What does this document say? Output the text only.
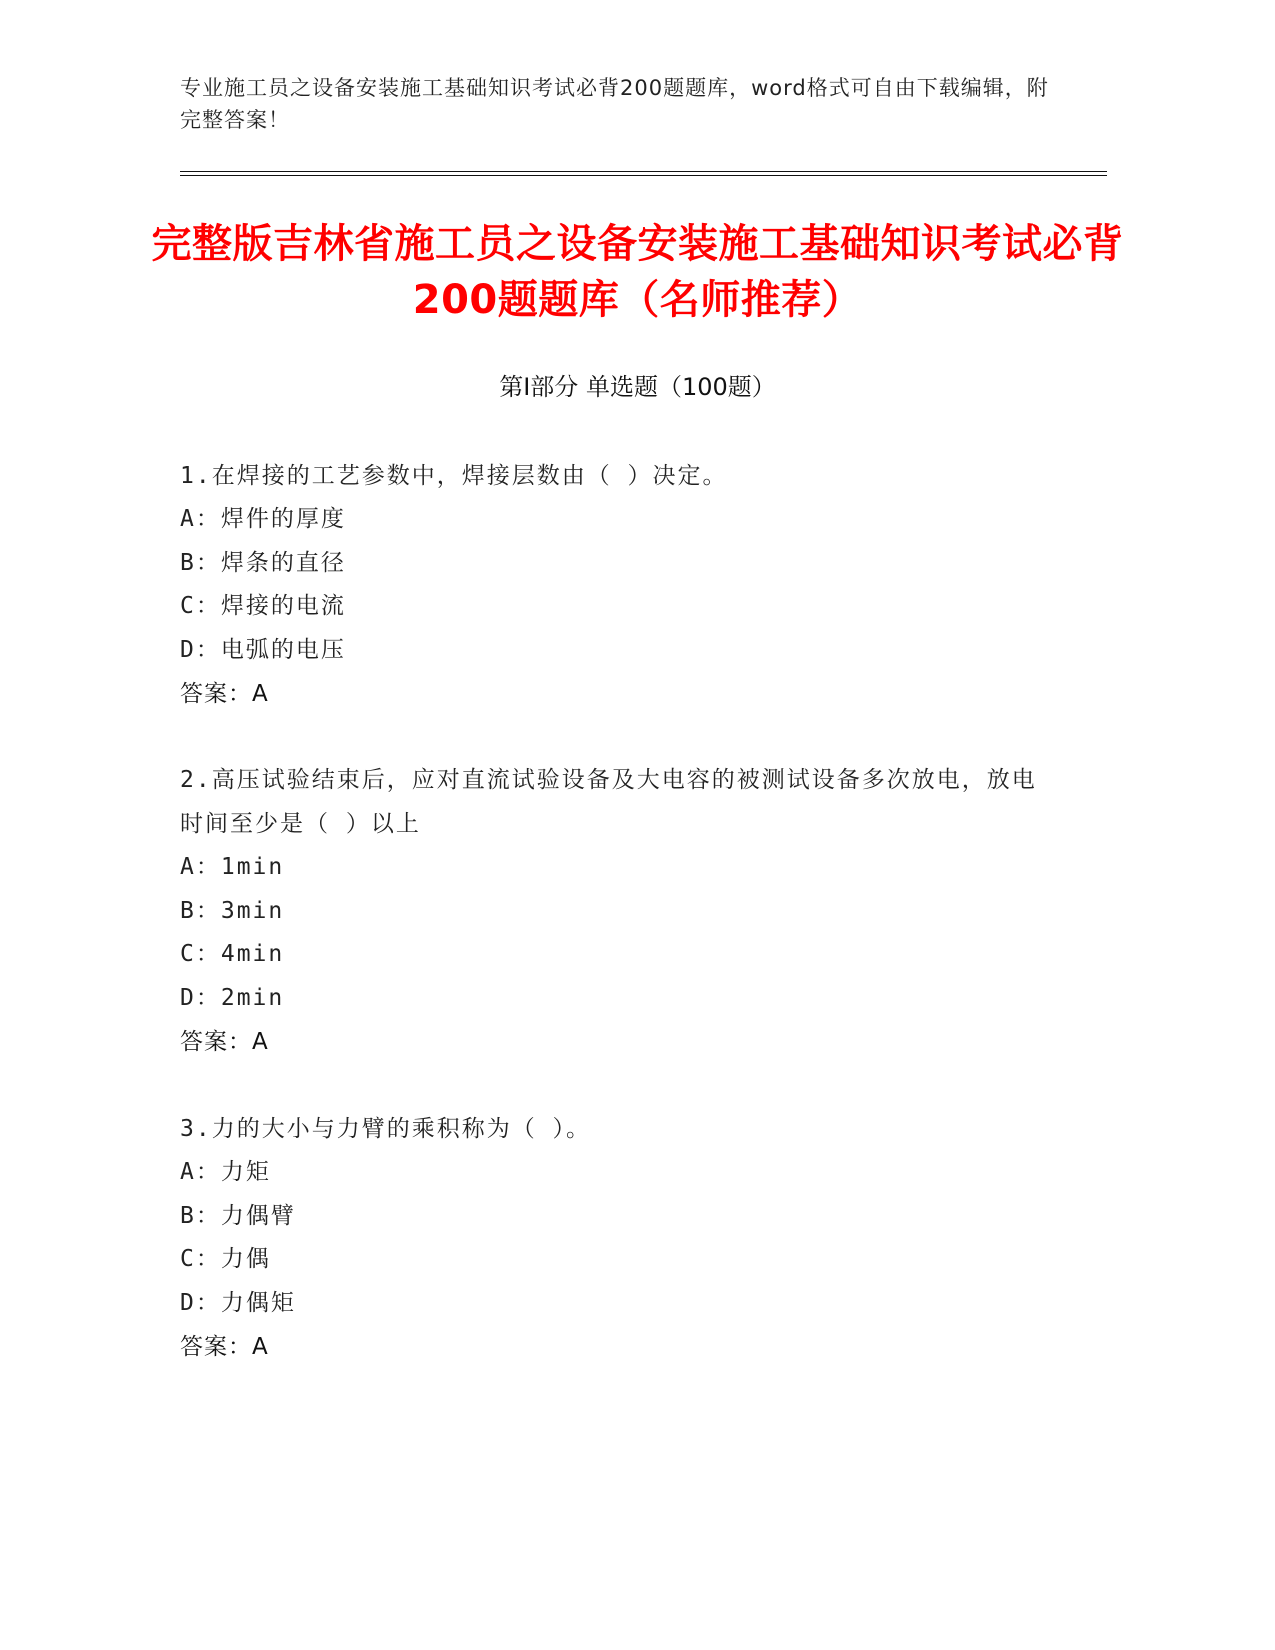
专业施工员之设备安装施工基础知识考试必背200题题库，word格式可自由下载编辑，附完整答案！
完整版吉林省施工员之设备安装施工基础知识考试必背200题题库（名师推荐）
第Ⅰ部分 单选题（100题）
1.在焊接的工艺参数中，焊接层数由（ ）决定。
A：焊件的厚度
B：焊条的直径
C：焊接的电流
D：电弧的电压
答案：A
2.高压试验结束后，应对直流试验设备及大电容的被测试设备多次放电，放电时间至少是（ ）以上
A：1min
B：3min
C：4min
D：2min
答案：A
3.力的大小与力臂的乘积称为（ ）。
A：力矩
B：力偶臂
C：力偶
D：力偶矩
答案：A
